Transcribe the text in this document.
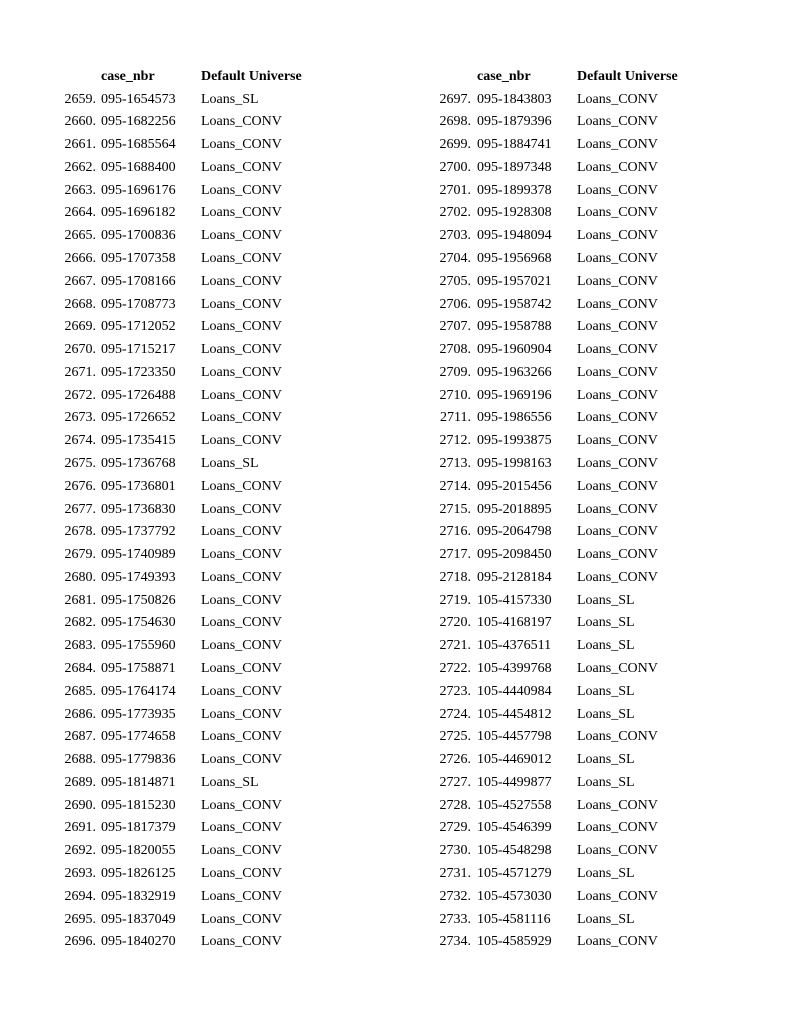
case_nbr	Default Universe
2659. 095-1654573 Loans_SL
2660. 095-1682256 Loans_CONV
2661. 095-1685564 Loans_CONV
2662. 095-1688400 Loans_CONV
2663. 095-1696176 Loans_CONV
2664. 095-1696182 Loans_CONV
2665. 095-1700836 Loans_CONV
2666. 095-1707358 Loans_CONV
2667. 095-1708166 Loans_CONV
2668. 095-1708773 Loans_CONV
2669. 095-1712052 Loans_CONV
2670. 095-1715217 Loans_CONV
2671. 095-1723350 Loans_CONV
2672. 095-1726488 Loans_CONV
2673. 095-1726652 Loans_CONV
2674. 095-1735415 Loans_CONV
2675. 095-1736768 Loans_SL
2676. 095-1736801 Loans_CONV
2677. 095-1736830 Loans_CONV
2678. 095-1737792 Loans_CONV
2679. 095-1740989 Loans_CONV
2680. 095-1749393 Loans_CONV
2681. 095-1750826 Loans_CONV
2682. 095-1754630 Loans_CONV
2683. 095-1755960 Loans_CONV
2684. 095-1758871 Loans_CONV
2685. 095-1764174 Loans_CONV
2686. 095-1773935 Loans_CONV
2687. 095-1774658 Loans_CONV
2688. 095-1779836 Loans_CONV
2689. 095-1814871 Loans_SL
2690. 095-1815230 Loans_CONV
2691. 095-1817379 Loans_CONV
2692. 095-1820055 Loans_CONV
2693. 095-1826125 Loans_CONV
2694. 095-1832919 Loans_CONV
2695. 095-1837049 Loans_CONV
2696. 095-1840270 Loans_CONV
case_nbr	Default Universe
2697. 095-1843803 Loans_CONV
2698. 095-1879396 Loans_CONV
2699. 095-1884741 Loans_CONV
2700. 095-1897348 Loans_CONV
2701. 095-1899378 Loans_CONV
2702. 095-1928308 Loans_CONV
2703. 095-1948094 Loans_CONV
2704. 095-1956968 Loans_CONV
2705. 095-1957021 Loans_CONV
2706. 095-1958742 Loans_CONV
2707. 095-1958788 Loans_CONV
2708. 095-1960904 Loans_CONV
2709. 095-1963266 Loans_CONV
2710. 095-1969196 Loans_CONV
2711. 095-1986556 Loans_CONV
2712. 095-1993875 Loans_CONV
2713. 095-1998163 Loans_CONV
2714. 095-2015456 Loans_CONV
2715. 095-2018895 Loans_CONV
2716. 095-2064798 Loans_CONV
2717. 095-2098450 Loans_CONV
2718. 095-2128184 Loans_CONV
2719. 105-4157330 Loans_SL
2720. 105-4168197 Loans_SL
2721. 105-4376511 Loans_SL
2722. 105-4399768 Loans_CONV
2723. 105-4440984 Loans_SL
2724. 105-4454812 Loans_SL
2725. 105-4457798 Loans_CONV
2726. 105-4469012 Loans_SL
2727. 105-4499877 Loans_SL
2728. 105-4527558 Loans_CONV
2729. 105-4546399 Loans_CONV
2730. 105-4548298 Loans_CONV
2731. 105-4571279 Loans_SL
2732. 105-4573030 Loans_CONV
2733. 105-4581116 Loans_SL
2734. 105-4585929 Loans_CONV
